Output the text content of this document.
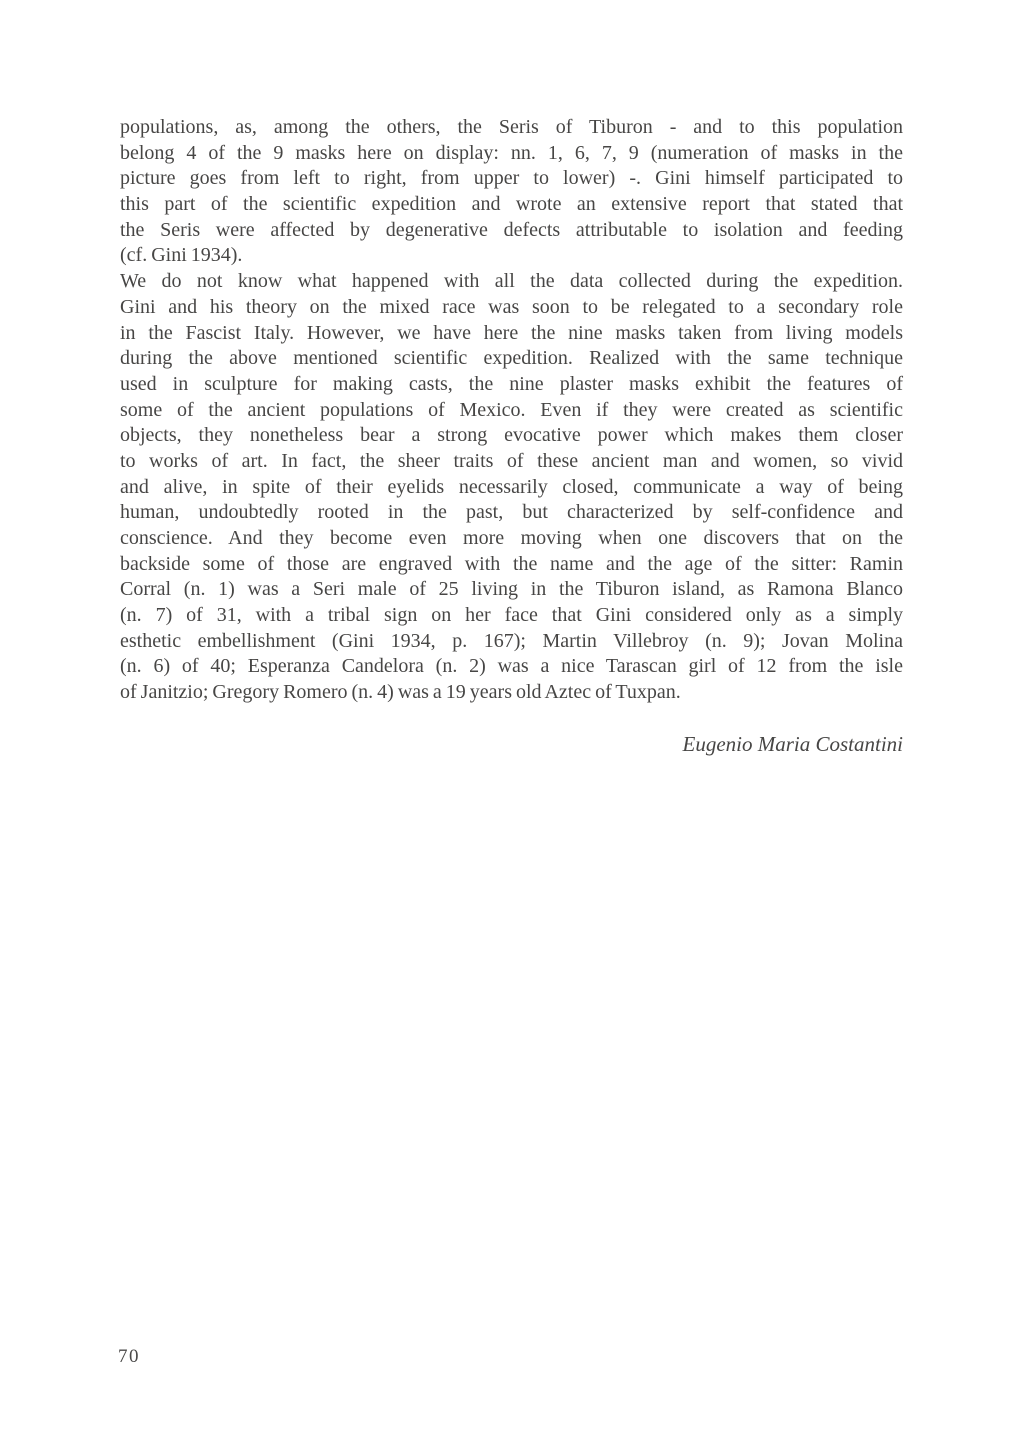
populations, as, among the others, the Seris of Tiburon - and to this population
belong 4 of the 9 masks here on display: nn. 1, 6, 7, 9 (numeration of masks in the
picture goes from left to right, from upper to lower) -. Gini himself participated to
this part of the scientific expedition and wrote an extensive report that stated that
the Seris were affected by degenerative defects attributable to isolation and feeding
(cf. Gini 1934).
We do not know what happened with all the data collected during the expedition.
Gini and his theory on the mixed race was soon to be relegated to a secondary role
in the Fascist Italy. However, we have here the nine masks taken from living models
during the above mentioned scientific expedition. Realized with the same technique
used in sculpture for making casts, the nine plaster masks exhibit the features of
some of the ancient populations of Mexico. Even if they were created as scientific
objects, they nonetheless bear a strong evocative power which makes them closer
to works of art. In fact, the sheer traits of these ancient man and women, so vivid
and alive, in spite of their eyelids necessarily closed, communicate a way of being
human, undoubtedly rooted in the past, but characterized by self-confidence and
conscience. And they become even more moving when one discovers that on the
backside some of those are engraved with the name and the age of the sitter: Ramin
Corral (n. 1) was a Seri male of 25 living in the Tiburon island, as Ramona Blanco
(n. 7) of 31, with a tribal sign on her face that Gini considered only as a simply
esthetic embellishment (Gini 1934, p. 167); Martin Villebroy (n. 9); Jovan Molina
(n. 6) of 40; Esperanza Candelora (n. 2) was a nice Tarascan girl of 12 from the isle
of Janitzio; Gregory Romero (n. 4) was a 19 years old Aztec of Tuxpan.
Eugenio Maria Costantini
70
